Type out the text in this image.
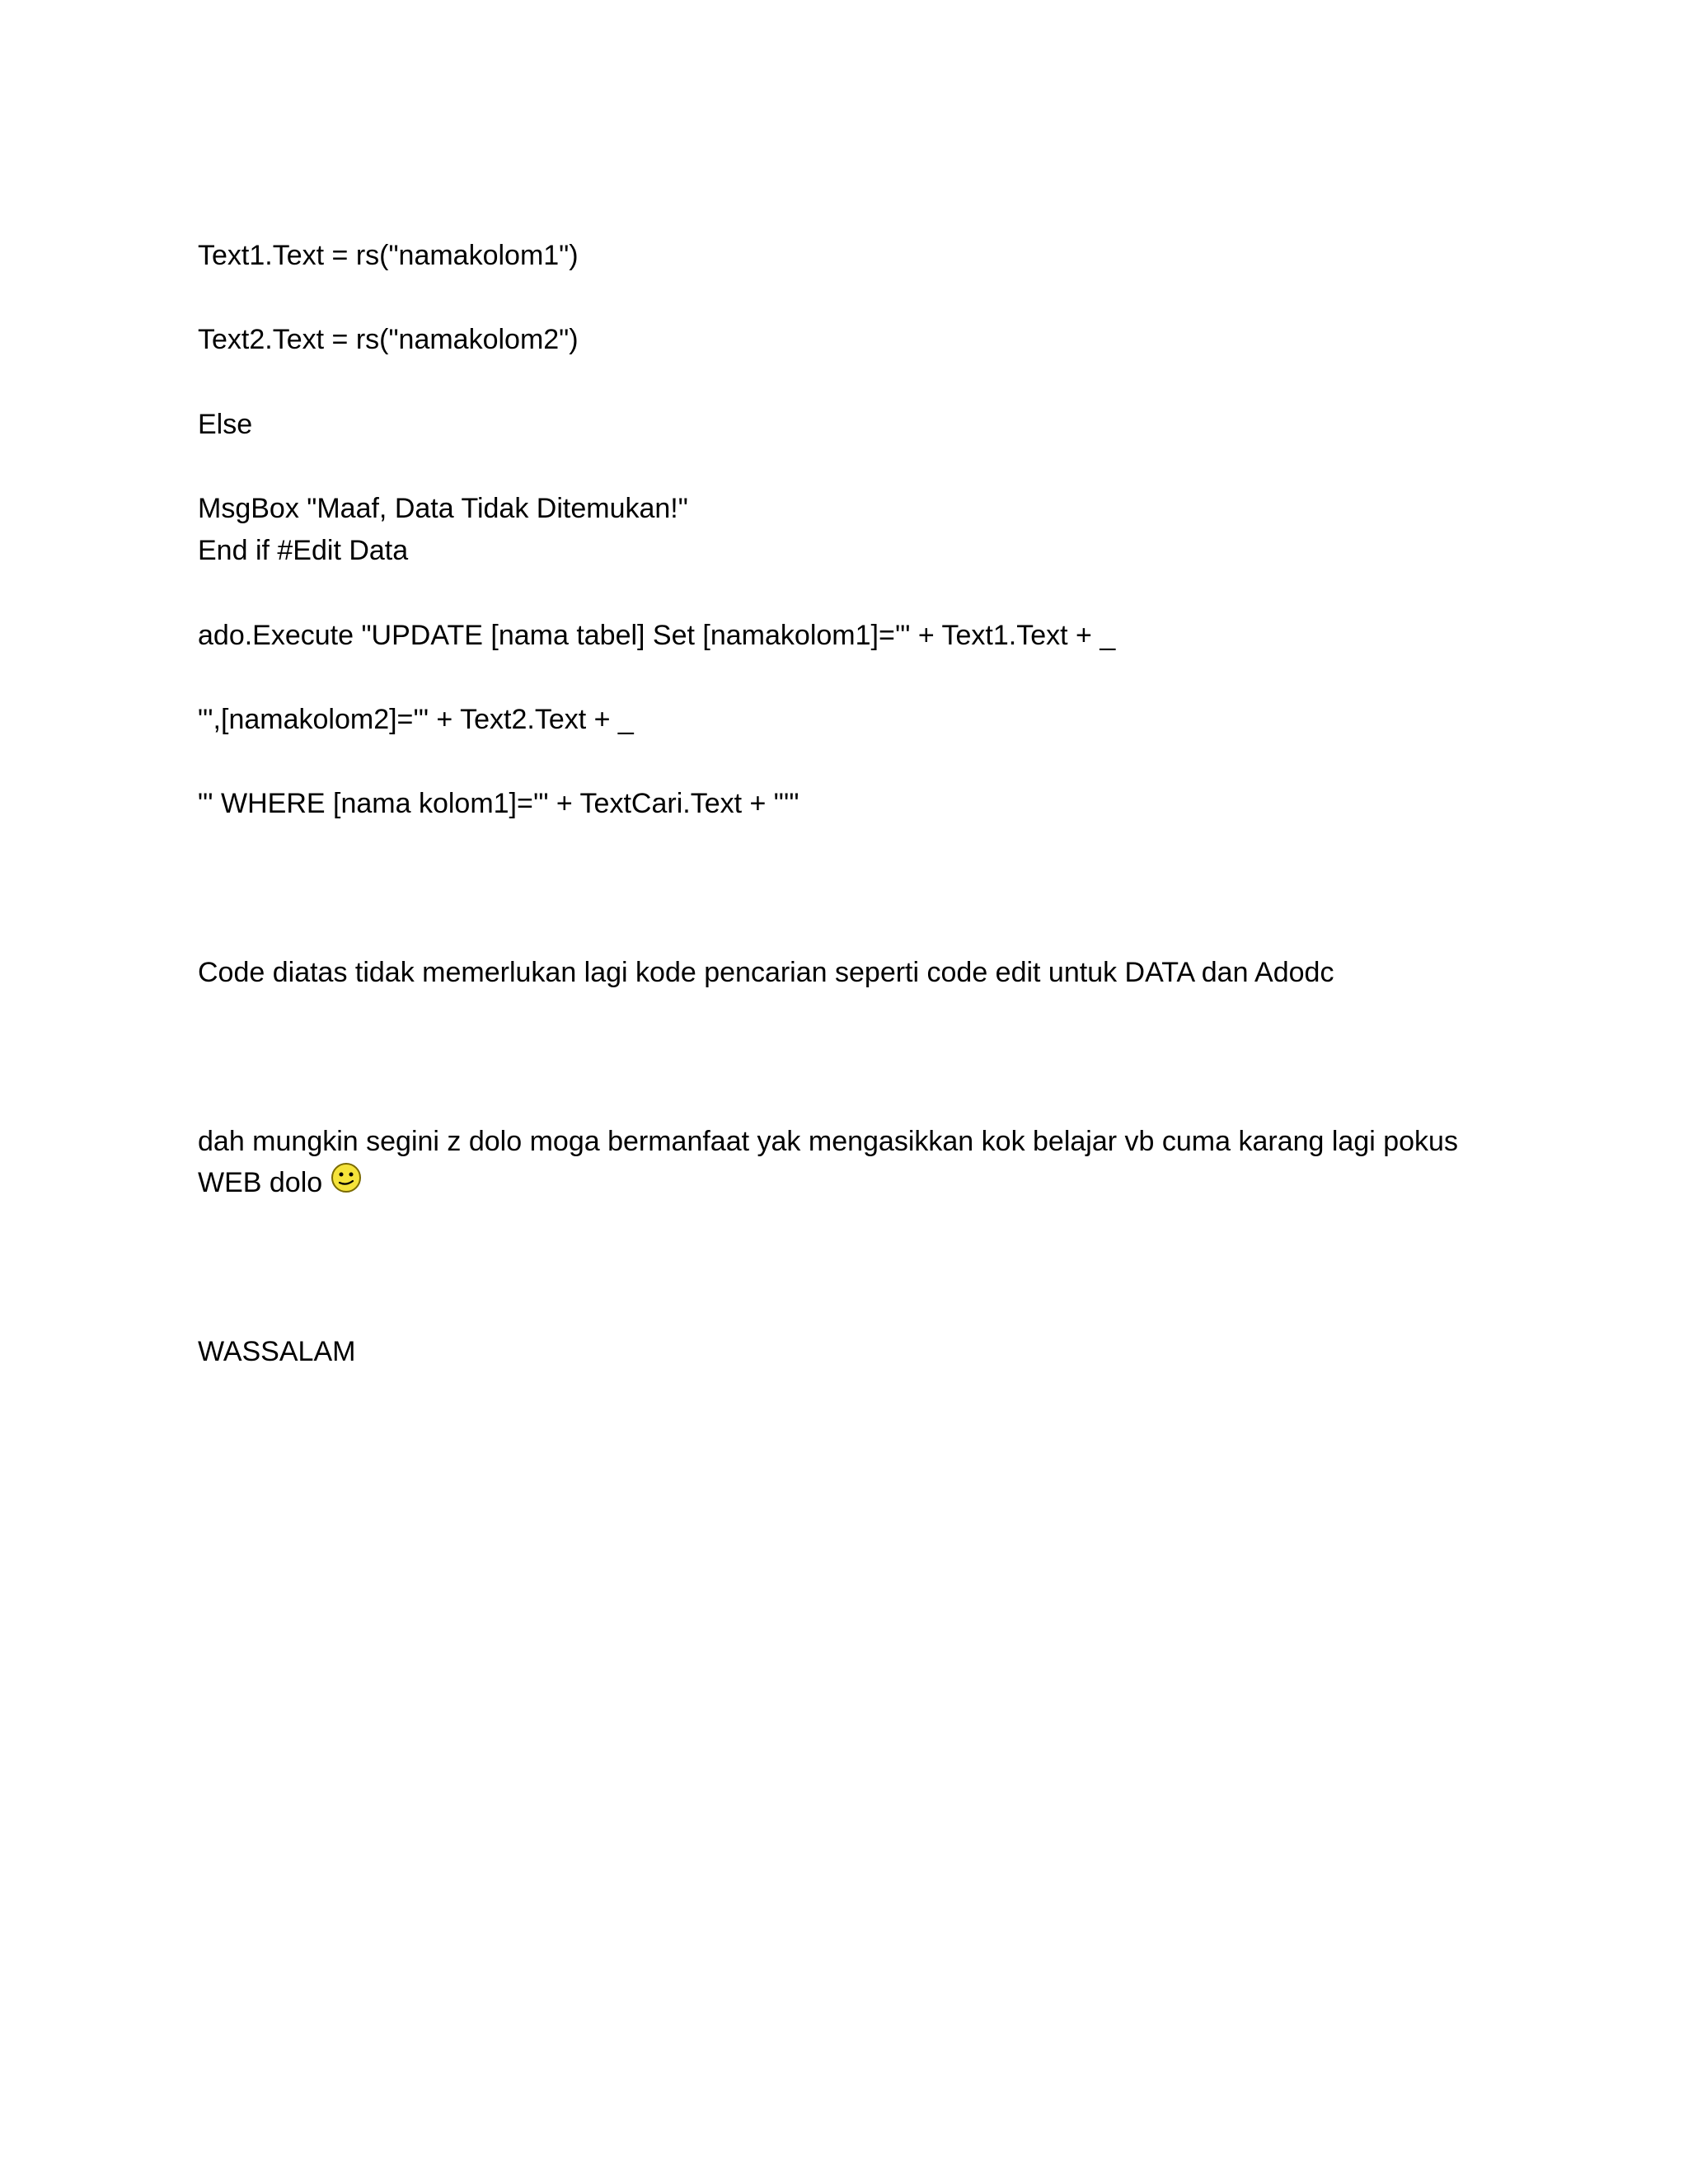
Text1.Text = rs("namakolom1")
Text2.Text = rs("namakolom2")
Else
MsgBox "Maaf, Data Tidak Ditemukan!"
End if #Edit Data
ado.Execute "UPDATE [nama tabel] Set [namakolom1]='" + Text1.Text + _
"',[namakolom2]='" + Text2.Text + _
"' WHERE [nama kolom1]='" + TextCari.Text + "'"
Code diatas tidak memerlukan lagi kode pencarian seperti code edit untuk DATA dan Adodc
dah mungkin segini z dolo moga bermanfaat yak mengasikkan kok belajar vb cuma karang lagi pokus
WEB dolo
WASSALAM
